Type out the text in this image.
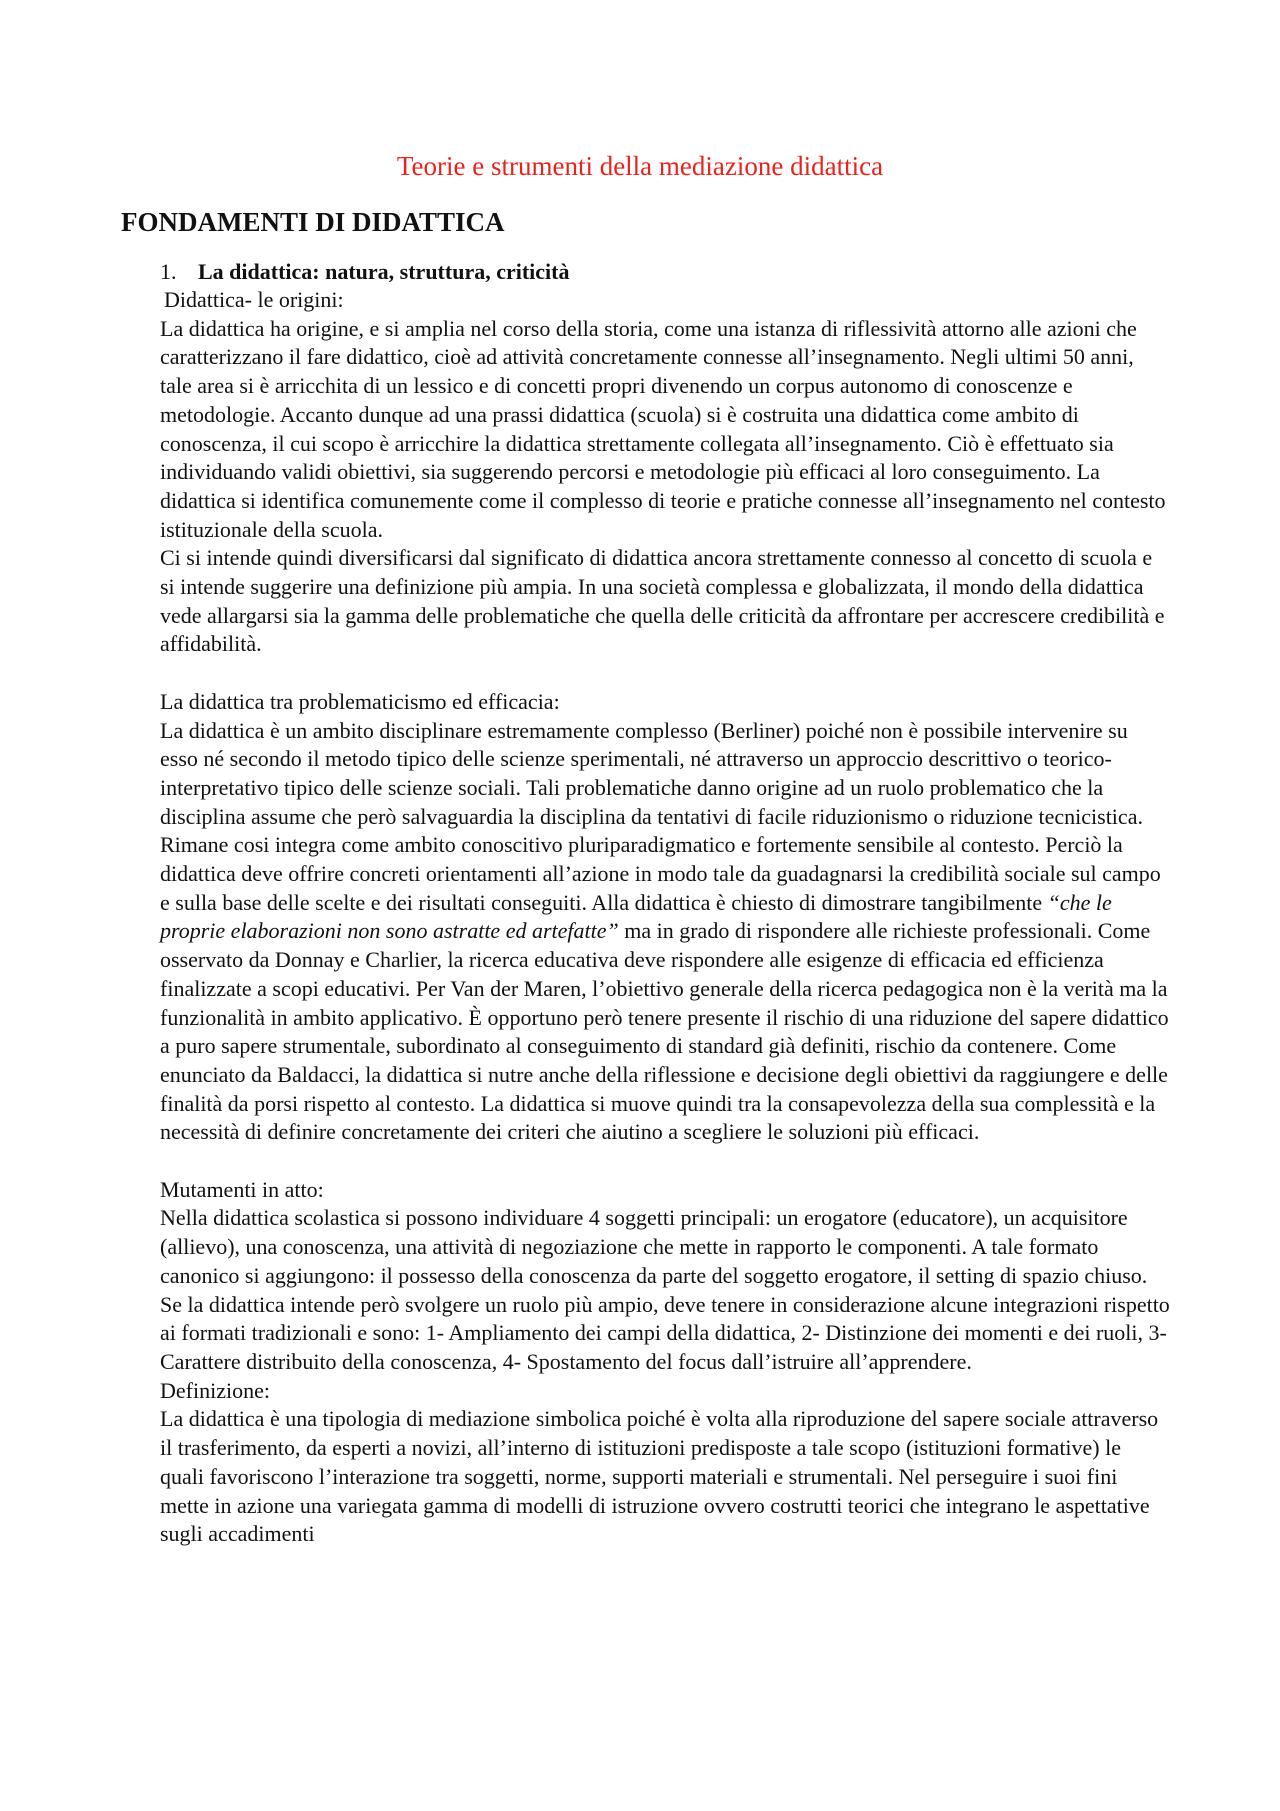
Teorie e strumenti della mediazione didattica
FONDAMENTI DI DIDATTICA
1. La didattica: natura, struttura, criticità

Didattica- le origini:

La didattica ha origine, e si amplia nel corso della storia, come una istanza di riflessività attorno alle azioni che caratterizzano il fare didattico, cioè ad attività concretamente connesse all’insegnamento. Negli ultimi 50 anni, tale area si è arricchita di un lessico e di concetti propri divenendo un corpus autonomo di conoscenze e metodologie. Accanto dunque ad una prassi didattica (scuola) si è costruita una didattica come ambito di conoscenza, il cui scopo è arricchire la didattica strettamente collegata all’insegnamento. Ciò è effettuato sia individuando validi obiettivi, sia suggerendo percorsi e metodologie più efficaci al loro conseguimento. La didattica si identifica comunemente come il complesso di teorie e pratiche connesse all’insegnamento nel contesto istituzionale della scuola.

Ci si intende quindi diversificarsi dal significato di didattica ancora strettamente connesso al concetto di scuola e si intende suggerire una definizione più ampia. In una società complessa e globalizzata, il mondo della didattica vede allargarsi sia la gamma delle problematiche che quella delle criticità da affrontare per accrescere credibilità e affidabilità.

La didattica tra problematicismo ed efficacia:

La didattica è un ambito disciplinare estremamente complesso (Berliner) poiché non è possibile intervenire su esso né secondo il metodo tipico delle scienze sperimentali, né attraverso un approccio descrittivo o teorico-interpretativo tipico delle scienze sociali. Tali problematiche danno origine ad un ruolo problematico che la disciplina assume che però salvaguardia la disciplina da tentativi di facile riduzionismo o riduzione tecnicistica. Rimane cosi integra come ambito conoscitivo pluriparadigmatico e fortemente sensibile al contesto. Perciò la didattica deve offrire concreti orientamenti all’azione in modo tale da guadagnarsi la credibilità sociale sul campo e sulla base delle scelte e dei risultati conseguiti. Alla didattica è chiesto di dimostrare tangibilmente “che le proprie elaborazioni non sono astratte ed artefatte” ma in grado di rispondere alle richieste professionali. Come osservato da Donnay e Charlier, la ricerca educativa deve rispondere alle esigenze di efficacia ed efficienza finalizzate a scopi educativi. Per Van der Maren, l’obiettivo generale della ricerca pedagogica non è la verità ma la funzionalità in ambito applicativo. È opportuno però tenere presente il rischio di una riduzione del sapere didattico a puro sapere strumentale, subordinato al conseguimento di standard già definiti, rischio da contenere. Come enunciato da Baldacci, la didattica si nutre anche della riflessione e decisione degli obiettivi da raggiungere e delle finalità da porsi rispetto al contesto. La didattica si muove quindi tra la consapevolezza della sua complessità e la necessità di definire concretamente dei criteri che aiutino a scegliere le soluzioni più efficaci.

Mutamenti in atto:

Nella didattica scolastica si possono individuare 4 soggetti principali: un erogatore (educatore), un acquisitore (allievo), una conoscenza, una attività di negoziazione che mette in rapporto le componenti. A tale formato canonico si aggiungono: il possesso della conoscenza da parte del soggetto erogatore, il setting di spazio chiuso. Se la didattica intende però svolgere un ruolo più ampio, deve tenere in considerazione alcune integrazioni rispetto ai formati tradizionali e sono: 1- Ampliamento dei campi della didattica, 2- Distinzione dei momenti e dei ruoli, 3- Carattere distribuito della conoscenza, 4- Spostamento del focus dall’istruire all’apprendere.

Definizione:

La didattica è una tipologia di mediazione simbolica poiché è volta alla riproduzione del sapere sociale attraverso il trasferimento, da esperti a novizi, all’interno di istituzioni predisposte a tale scopo (istituzioni formative) le quali favoriscono l’interazione tra soggetti, norme, supporti materiali e strumentali. Nel perseguire i suoi fini mette in azione una variegata gamma di modelli di istruzione ovvero costrutti teorici che integrano le aspettative sugli accadimenti
